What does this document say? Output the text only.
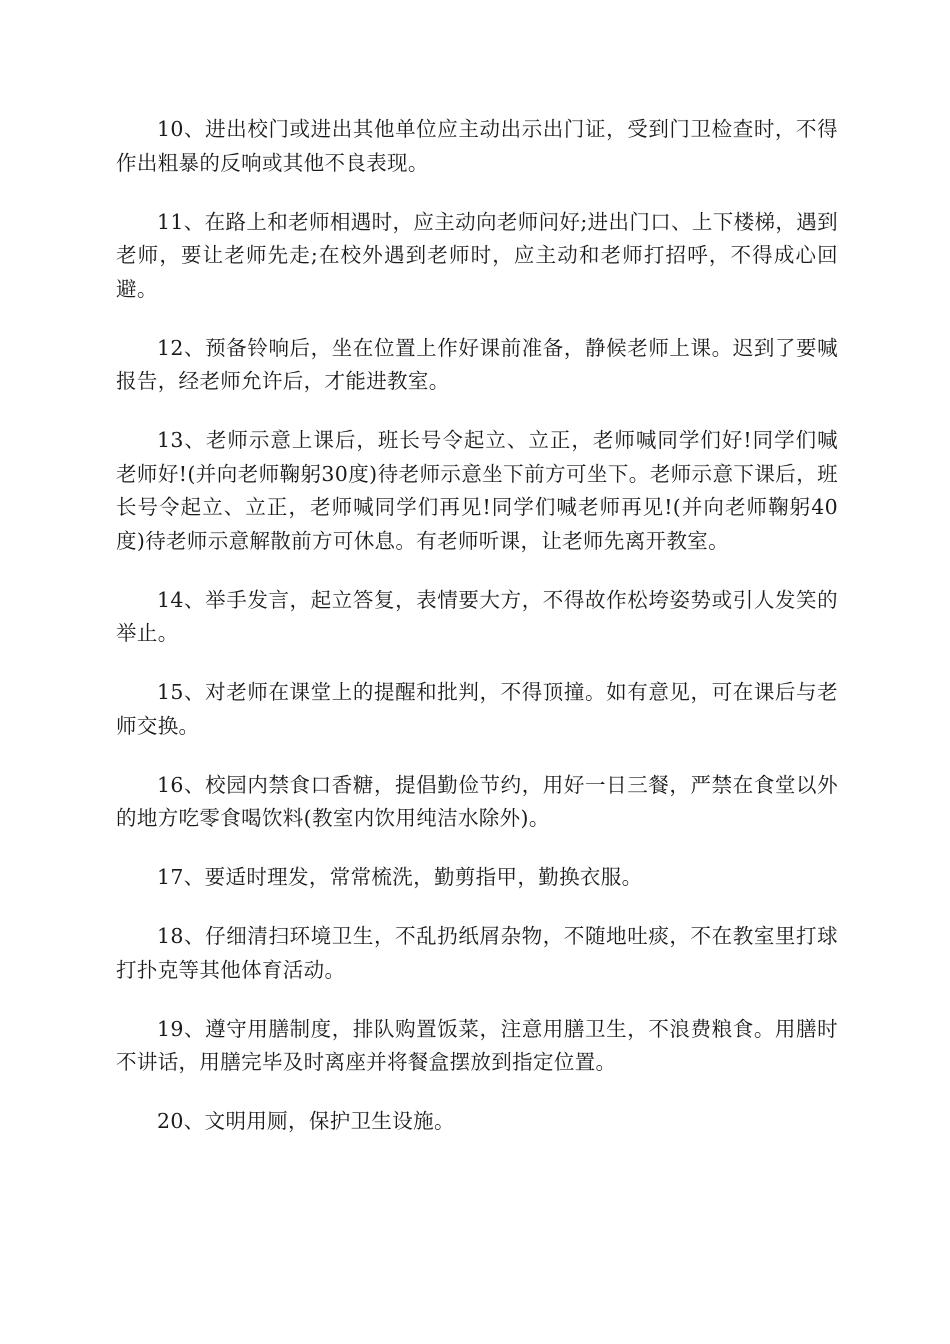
10、进出校门或进出其他单位应主动出示出门证，受到门卫检查时，不得作出粗暴的反响或其他不良表现。

11、在路上和老师相遇时，应主动向老师问好;进出门口、上下楼梯，遇到老师，要让老师先走;在校外遇到老师时，应主动和老师打招呼，不得成心回避。

12、预备铃响后，坐在位置上作好课前准备，静候老师上课。迟到了要喊报告，经老师允许后，才能进教室。

13、老师示意上课后，班长号令起立、立正，老师喊同学们好!同学们喊老师好!(并向老师鞠躬30度)待老师示意坐下前方可坐下。老师示意下课后，班长号令起立、立正，老师喊同学们再见!同学们喊老师再见!(并向老师鞠躬40度)待老师示意解散前方可休息。有老师听课，让老师先离开教室。

14、举手发言，起立答复，表情要大方，不得故作松垮姿势或引人发笑的举止。

15、对老师在课堂上的提醒和批判，不得顶撞。如有意见，可在课后与老师交换。

16、校园内禁食口香糖，提倡勤俭节约，用好一日三餐，严禁在食堂以外的地方吃零食喝饮料(教室内饮用纯洁水除外)。

17、要适时理发，常常梳洗，勤剪指甲，勤换衣服。

18、仔细清扫环境卫生，不乱扔纸屑杂物，不随地吐痰，不在教室里打球打扑克等其他体育活动。

19、遵守用膳制度，排队购置饭菜，注意用膳卫生，不浪费粮食。用膳时不讲话，用膳完毕及时离座并将餐盒摆放到指定位置。

20、文明用厕，保护卫生设施。
